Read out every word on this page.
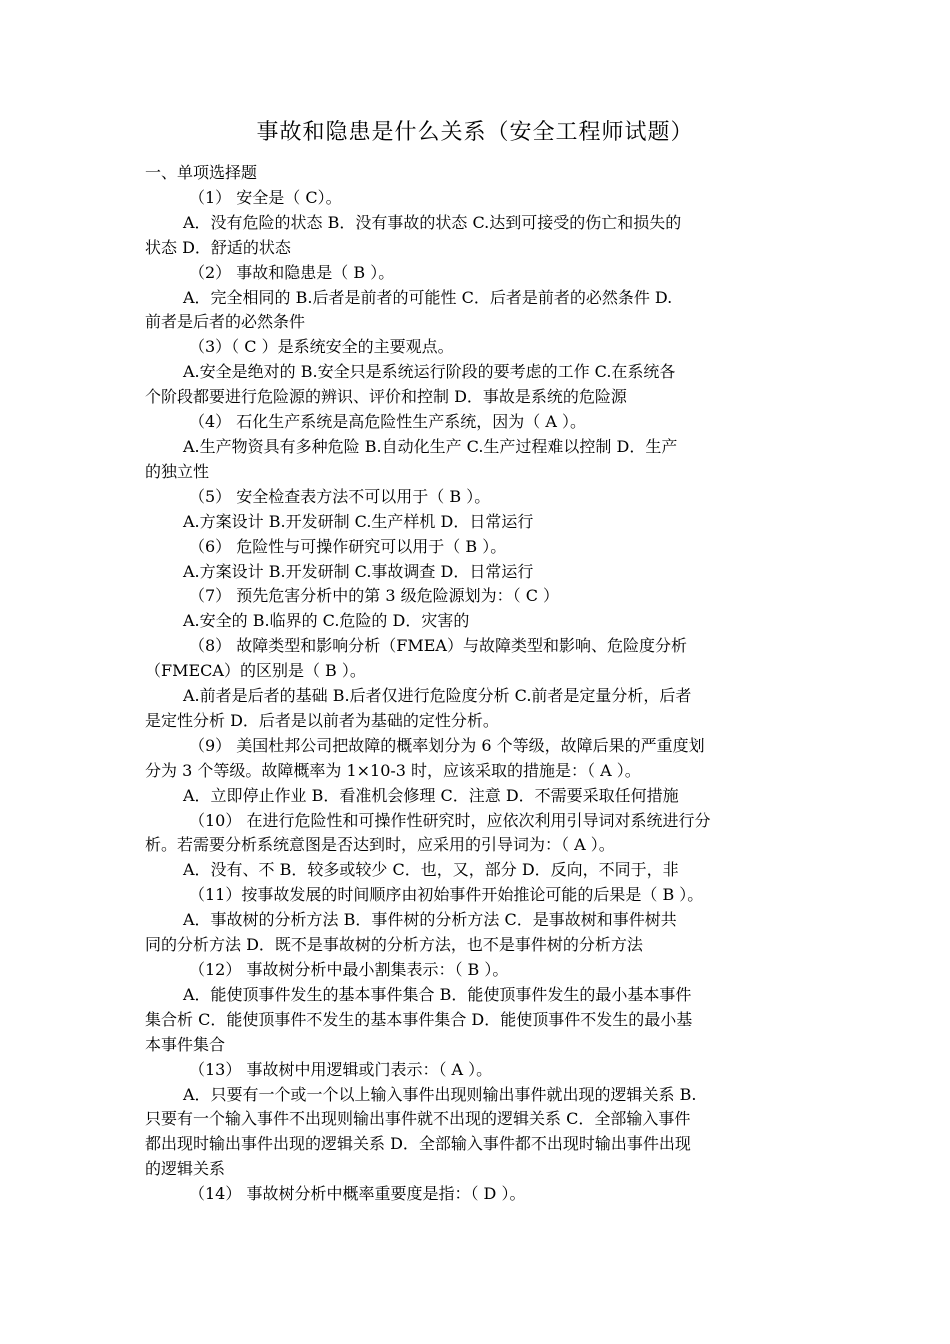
事故和隐患是什么关系（安全工程师试题）
一、单项选择题
（1） 安全是（ C）。
A．没有危险的状态 B．没有事故的状态 C.达到可接受的伤亡和损失的
状态 D．舒适的状态
（2） 事故和隐患是（ B ）。
A．完全相同的 B.后者是前者的可能性 C．后者是前者的必然条件 D.
前者是后者的必然条件
（3）（ C ）是系统安全的主要观点。
A.安全是绝对的 B.安全只是系统运行阶段的要考虑的工作 C.在系统各
个阶段都要进行危险源的辨识、评价和控制 D．事故是系统的危险源
（4） 石化生产系统是高危险性生产系统，因为（ A ）。
A.生产物资具有多种危险 B.自动化生产 C.生产过程难以控制 D．生产
的独立性
（5） 安全检查表方法不可以用于（ B ）。
A.方案设计 B.开发研制 C.生产样机 D．日常运行
（6） 危险性与可操作研究可以用于（ B ）。
A.方案设计 B.开发研制 C.事故调查 D．日常运行
（7） 预先危害分析中的第 3 级危险源划为：（ C ）
A.安全的 B.临界的 C.危险的 D．灾害的
（8） 故障类型和影响分析（FMEA）与故障类型和影响、危险度分析
（FMECA）的区别是（ B ）。
A.前者是后者的基础 B.后者仅进行危险度分析 C.前者是定量分析，后者
是定性分析 D．后者是以前者为基础的定性分析。
（9） 美国杜邦公司把故障的概率划分为 6 个等级，故障后果的严重度划
分为 3 个等级。故障概率为 1×10-3 时，应该采取的措施是：（ A ）。
A．立即停止作业 B．看准机会修理 C．注意 D．不需要采取任何措施
（10） 在进行危险性和可操作性研究时，应依次利用引导词对系统进行分
析。若需要分析系统意图是否达到时，应采用的引导词为：（ A ）。
A．没有、不 B．较多或较少 C．也，又，部分 D．反向，不同于，非
（11）按事故发展的时间顺序由初始事件开始推论可能的后果是（ B ）。
A．事故树的分析方法 B．事件树的分析方法 C．是事故树和事件树共
同的分析方法 D．既不是事故树的分析方法，也不是事件树的分析方法
（12） 事故树分析中最小割集表示：（ B ）。
A．能使顶事件发生的基本事件集合 B．能使顶事件发生的最小基本事件
集合析 C．能使顶事件不发生的基本事件集合 D．能使顶事件不发生的最小基
本事件集合
（13） 事故树中用逻辑或门表示：（ A ）。
A．只要有一个或一个以上输入事件出现则输出事件就出现的逻辑关系 B.
只要有一个输入事件不出现则输出事件就不出现的逻辑关系 C．全部输入事件
都出现时输出事件出现的逻辑关系 D．全部输入事件都不出现时输出事件出现
的逻辑关系
（14） 事故树分析中概率重要度是指：（ D ）。
